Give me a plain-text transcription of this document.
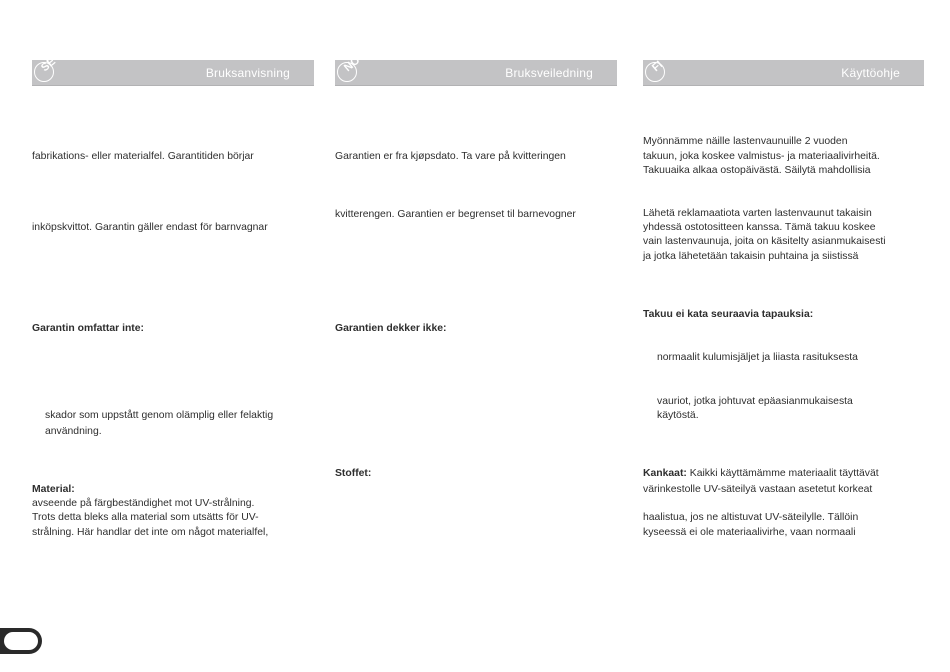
SE	Bruksanvisning	NO	Bruksveiledning	FI	Käyttöohje
fabrikations- eller materialfel. Garantitiden börjar
inköpskvittot. Garantin gäller endast för barnvagnar
Garantin omfattar inte:
skador som uppstått genom olämplig eller felaktig
användning.
Material:
avseende på färgbeständighet mot UV-strålning.
Trots detta bleks alla material som utsätts för UV-
strålning. Här handlar det inte om något materialfel,
Garantien er fra kjøpsdato. Ta vare på kvitteringen
kvitterengen. Garantien er begrenset til barnevogner
Garantien dekker ikke:
Stoffet:
Myönnämme näille lastenvaunuille 2 vuoden
takuun, joka koskee valmistus- ja materiaalivirheitä.
Takuuaika alkaa ostopäivästä. Säilytä mahdollisia
Lähetä reklamaatiota varten lastenvaunut takaisin
yhdessä ostotositteen kanssa. Tämä takuu koskee
vain lastenvaunuja, joita on käsitelty asianmukaisesti
ja jotka lähetetään takaisin puhtaina ja siistissä
Takuu ei kata seuraavia tapauksia:
normaalit kulumisjäljet ja liiasta rasituksesta
vauriot, jotka johtuvat epäasianmukaisesta
käytöstä.
Kankaat: Kaikki käyttämämme materiaalit täyttävät
värinkestolle UV-säteilyä vastaan asetetut korkeat
haalistua, jos ne altistuvat UV-säteilylle. Tällöin
kyseessä ei ole materiaalivirhe, vaan normaali
